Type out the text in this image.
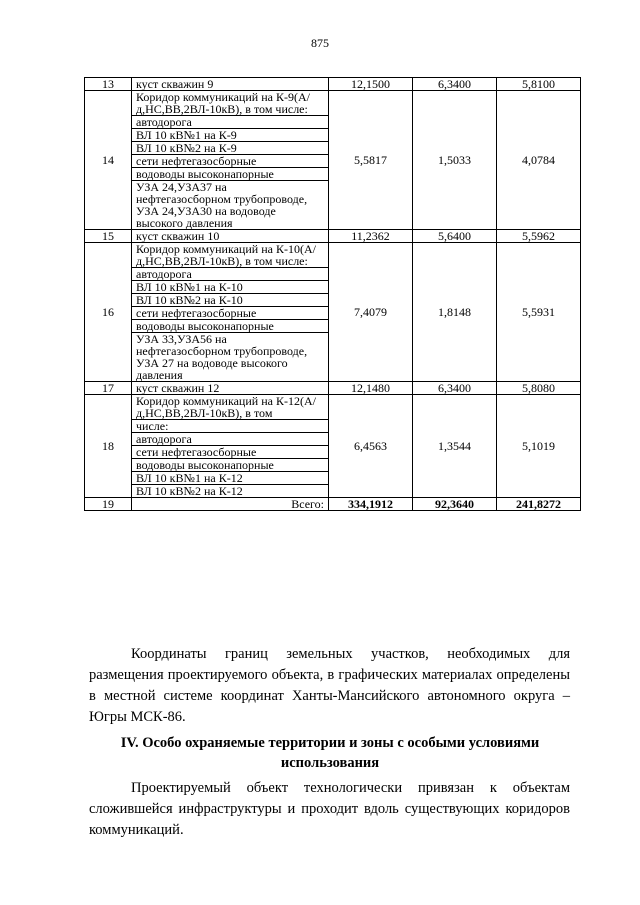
875
13	куст скважин 9	12,1500	6,3400	5,8100
14	Коридор коммуникаций на К-9(А/д,НС,ВВ,2ВЛ-10кВ), в том числе:	5,5817	1,5033	4,0784
	автодорога			
	ВЛ 10 кВ№1 на К-9			
	ВЛ 10 кВ№2 на К-9			
	сети нефтегазосборные			
	водоводы высоконапорные			
	УЗА 24,УЗА37 на нефтегазосборном трубопроводе, УЗА 24,УЗА30 на водоводе высокого давления			
15	куст скважин 10	11,2362	5,6400	5,5962
16	Коридор коммуникаций на К-10(А/д,НС,ВВ,2ВЛ-10кВ), в том числе:	7,4079	1,8148	5,5931
	автодорога			
	ВЛ 10 кВ№1 на К-10			
	ВЛ 10 кВ№2 на К-10			
	сети нефтегазосборные			
	водоводы высоконапорные			
	УЗА 33,УЗА56 на нефтегазосборном трубопроводе, УЗА 27 на водоводе высокого давления			
17	куст скважин 12	12,1480	6,3400	5,8080
18	Коридор коммуникаций на К-12(А/д,НС,ВВ,2ВЛ-10кВ), в том	6,4563	1,3544	5,1019
	числе:			
	автодорога			
	сети нефтегазосборные			
	водоводы высоконапорные			
	ВЛ 10 кВ№1 на К-12			
	ВЛ 10 кВ№2 на К-12			
19	Всего:	334,1912	92,3640	241,8272
Координаты границ земельных участков, необходимых для размещения проектируемого объекта, в графических материалах определены в местной системе координат Ханты-Мансийского автономного округа – Югры МСК-86.
IV. Особо охраняемые территории и зоны с особыми условиями использования
Проектируемый объект технологически привязан к объектам сложившейся инфраструктуры и проходит вдоль существующих коридоров коммуникаций.
